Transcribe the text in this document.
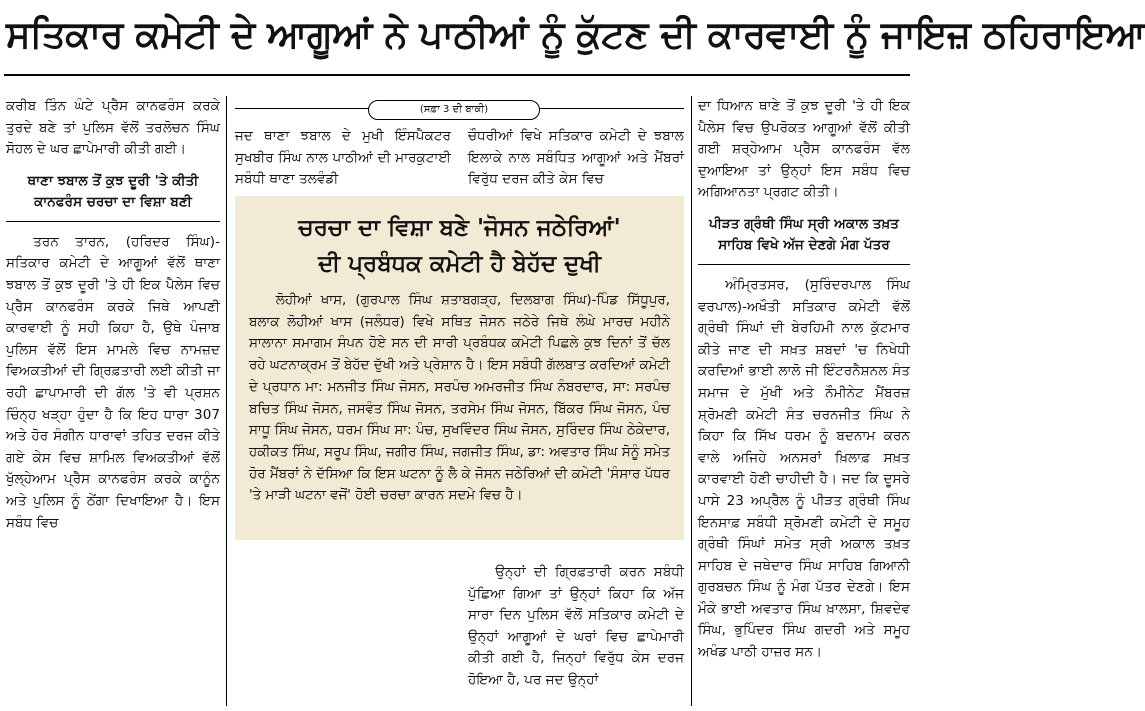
ਸਤਿਕਾਰ ਕਮੇਟੀ ਦੇ ਆਗੂਆਂ ਨੇ ਪਾਠੀਆਂ ਨੂੰ ਕੁੱਟਣ ਦੀ ਕਾਰਵਾਈ ਨੂੰ ਜਾਇਜ਼ ਠਹਿਰਾਇਆ

ਕਰੀਬ ਤਿੰਨ ਘੰਟੇ ਪ੍ਰੈਸ ਕਾਨਫਰੰਸ ਕਰਕੇ ਤੁਰਦੇ ਬਣੇ ਤਾਂ ਪੁਲਿਸ ਵੱਲੋਂ ਤਰਲੋਚਨ ਸਿੰਘ ਸੋਹਲ ਦੇ ਘਰ ਛਾਪੇਮਾਰੀ ਕੀਤੀ ਗਈ।

ਥਾਣਾ ਝਬਾਲ ਤੋਂ ਕੁਝ ਦੂਰੀ 'ਤੇ ਕੀਤੀ ਕਾਨਫਰੰਸ ਚਰਚਾ ਦਾ ਵਿਸ਼ਾ ਬਣੀ

ਤਰਨ ਤਾਰਨ, (ਹਰਿਦਰ ਸਿੰਘ)- ਸਤਿਕਾਰ ਕਮੇਟੀ ਦੇ ਆਗੂਆਂ ਵੱਲੋਂ ਥਾਣਾ ਝਬਾਲ ਤੋਂ ਕੁਝ ਦੂਰੀ 'ਤੇ ਹੀ ਇਕ ਪੈਲੇਸ ਵਿਚ ਪ੍ਰੈਸ ਕਾਨਫਰੰਸ ਕਰਕੇ ਜਿਥੇ ਆਪਣੀ ਕਾਰਵਾਈ ਨੂੰ ਸਹੀ ਕਿਹਾ ਹੈ, ਉਥੇ ਪੰਜਾਬ ਪੁਲਿਸ ਵੱਲੋਂ ਇਸ ਮਾਮਲੇ ਵਿਚ ਨਾਮਜ਼ਦ ਵਿਅਕਤੀਆਂ ਦੀ ਗ੍ਰਿਫ਼ਤਾਰੀ ਲਈ ਕੀਤੀ ਜਾ ਰਹੀ ਛਾਪਾਮਾਰੀ ਦੀ ਗੱਲ 'ਤੇ ਵੀ ਪ੍ਰਸ਼ਨ ਚਿੰਨ੍ਹ ਖੜ੍ਹਾ ਹੁੰਦਾ ਹੈ ਕਿ ਇਹ ਧਾਰਾ 307 ਅਤੇ ਹੋਰ ਸੰਗੀਨ ਧਾਰਾਵਾਂ ਤਹਿਤ ਦਰਜ ਕੀਤੇ ਗਏ ਕੇਸ ਵਿਚ ਸ਼ਾਮਿਲ ਵਿਅਕਤੀਆਂ ਵੱਲੋਂ ਖੁੱਲ੍ਹੇਆਮ ਪ੍ਰੈਸ ਕਾਨਫਰੰਸ ਕਰਕੇ ਕਾਨੂੰਨ ਅਤੇ ਪੁਲਿਸ ਨੂੰ ਠੇਂਗਾ ਦਿਖਾਇਆ ਹੈ। ਇਸ ਸਬੰਧ ਵਿਚ

(ਸਫ਼ਾ 3 ਦੀ ਬਾਕੀ)

ਜਦ ਥਾਣਾ ਝਬਾਲ ਦੇ ਮੁਖੀ ਇੰਸਪੈਕਟਰ ਸੁਖਬੀਰ ਸਿੰਘ ਨਾਲ ਪਾਠੀਆਂ ਦੀ ਮਾਰਕੁਟਾਈ ਸਬੰਧੀ ਥਾਣਾ ਤਲਵੰਡੀ

ਚੌਧਰੀਆਂ ਵਿਖੇ ਸਤਿਕਾਰ ਕਮੇਟੀ ਦੇ ਝਬਾਲ ਇਲਾਕੇ ਨਾਲ ਸਬੰਧਿਤ ਆਗੂਆਂ ਅਤੇ ਮੈਂਬਰਾਂ ਵਿਰੁੱਧ ਦਰਜ ਕੀਤੇ ਕੇਸ ਵਿਚ

ਚਰਚਾ ਦਾ ਵਿਸ਼ਾ ਬਣੇ 'ਜੋਸਨ ਜਠੇਰਿਆਂ'
ਦੀ ਪ੍ਰਬੰਧਕ ਕਮੇਟੀ ਹੈ ਬੇਹੱਦ ਦੁਖੀ
ਲੋਹੀਆਂ ਖਾਸ, (ਗੁਰਪਾਲ ਸਿੰਘ ਸ਼ਤਾਬਗੜ੍ਹ, ਦਿਲਬਾਗ ਸਿੰਘ)-ਪਿੰਡ ਸਿੱਧੂਪੁਰ, ਬਲਾਕ ਲੋਹੀਆਂ ਖਾਸ (ਜਲੰਧਰ) ਵਿਖੇ ਸਥਿਤ ਜੋਸਨ ਜਠੇਰੇ ਜਿਥੇ ਲੰਘੇ ਮਾਰਚ ਮਹੀਨੇ ਸਾਲਾਨਾ ਸਮਾਗਮ ਸੰਪਨ ਹੋਏ ਸਨ ਦੀ ਸਾਰੀ ਪ੍ਰਬੰਧਕ ਕਮੇਟੀ ਪਿਛਲੇ ਕੁਝ ਦਿਨਾਂ ਤੋਂ ਚੱਲ ਰਹੇ ਘਟਨਾਕ੍ਰਮ ਤੋਂ ਬੇਹੱਦ ਦੁੱਖੀ ਅਤੇ ਪ੍ਰੇਸ਼ਾਨ ਹੈ। ਇਸ ਸਬੰਧੀ ਗੱਲਬਾਤ ਕਰਦਿਆਂ ਕਮੇਟੀ ਦੇ ਪ੍ਰਧਾਨ ਮਾ: ਮਨਜੀਤ ਸਿੰਘ ਜੋਸਨ, ਸਰਪੰਚ ਅਮਰਜੀਤ ਸਿੰਘ ਨੰਬਰਦਾਰ, ਸਾ: ਸਰਪੰਚ ਬਚਿਤ ਸਿੰਘ ਜੋਸਨ, ਜਸਵੰਤ ਸਿੰਘ ਜੋਸਨ, ਤਰਸੇਮ ਸਿੰਘ ਜੋਸਨ, ਬਿੱਕਰ ਸਿੰਘ ਜੋਸਨ, ਪੰਚ ਸਾਧੂ ਸਿੰਘ ਜੋਸਨ, ਧਰਮ ਸਿੰਘ ਸਾ: ਪੰਚ, ਸੁਖਵਿੰਦਰ ਸਿੰਘ ਜੋਸਨ, ਸੁਰਿੰਦਰ ਸਿੰਘ ਠੇਕੇਦਾਰ, ਹਕੀਕਤ ਸਿੰਘ, ਸਰੂਪ ਸਿੰਘ, ਜਗੀਰ ਸਿੰਘ, ਜਗਜੀਤ ਸਿੰਘ, ਡਾ: ਅਵਤਾਰ ਸਿੰਘ ਸੋਨੂੰ ਸਮੇਤ ਹੋਰ ਮੈਂਬਰਾਂ ਨੇ ਦੱਸਿਆ ਕਿ ਇਸ ਘਟਨਾ ਨੂੰ ਲੈ ਕੇ ਜੋਸਨ ਜਠੇਰਿਆਂ ਦੀ ਕਮੇਟੀ 'ਸੰਸਾਰ ਪੱਧਰ 'ਤੇ ਮਾੜੀ ਘਟਨਾ ਵਜੋਂ' ਹੋਈ ਚਰਚਾ ਕਾਰਨ ਸਦਮੇ ਵਿਚ ਹੈ।

ਉਨ੍ਹਾਂ ਦੀ ਗ੍ਰਿਫ਼ਤਾਰੀ ਕਰਨ ਸਬੰਧੀ ਪੁੱਛਿਆ ਗਿਆ ਤਾਂ ਉਨ੍ਹਾਂ ਕਿਹਾ ਕਿ ਅੱਜ ਸਾਰਾ ਦਿਨ ਪੁਲਿਸ ਵੱਲੋਂ ਸਤਿਕਾਰ ਕਮੇਟੀ ਦੇ ਉਨ੍ਹਾਂ ਆਗੂਆਂ ਦੇ ਘਰਾਂ ਵਿਚ ਛਾਪੇਮਾਰੀ ਕੀਤੀ ਗਈ ਹੈ, ਜਿਨ੍ਹਾਂ ਵਿਰੁੱਧ ਕੇਸ ਦਰਜ ਹੋਇਆ ਹੈ, ਪਰ ਜਦ ਉਨ੍ਹਾਂ

ਦਾ ਧਿਆਨ ਥਾਣੇ ਤੋਂ ਕੁਝ ਦੂਰੀ 'ਤੇ ਹੀ ਇਕ ਪੈਲੇਸ ਵਿਚ ਉਪਰੋਕਤ ਆਗੂਆਂ ਵੱਲੋਂ ਕੀਤੀ ਗਈ ਸ਼ਰ੍ਹੇਆਮ ਪ੍ਰੈਸ ਕਾਨਫਰੰਸ ਵੱਲ ਦੁਆਇਆ ਤਾਂ ਉਨ੍ਹਾਂ ਇਸ ਸਬੰਧ ਵਿਚ ਅਗਿਆਨਤਾ ਪ੍ਰਗਟ ਕੀਤੀ।

ਪੀੜਤ ਗ੍ਰੰਥੀ ਸਿੰਘ ਸ੍ਰੀ ਅਕਾਲ ਤਖ਼ਤ ਸਾਹਿਬ ਵਿਖੇ ਅੱਜ ਦੇਣਗੇ ਮੰਗ ਪੱਤਰ

ਅੰਮ੍ਰਿਤਸਰ, (ਸੁਰਿੰਦਰਪਾਲ ਸਿੰਘ ਵਰਪਾਲ)-ਅਖੌਤੀ ਸਤਿਕਾਰ ਕਮੇਟੀ ਵੱਲੋਂ ਗ੍ਰੰਥੀ ਸਿੰਘਾਂ ਦੀ ਬੇਰਹਿਮੀ ਨਾਲ ਕੁੱਟਮਾਰ ਕੀਤੇ ਜਾਣ ਦੀ ਸਖ਼ਤ ਸ਼ਬਦਾਂ 'ਚ ਨਿਖੇਧੀ ਕਰਦਿਆਂ ਭਾਈ ਲਾਲੋ ਜੀ ਇੰਟਰਨੈਸ਼ਨਲ ਸੰਤ ਸਮਾਜ ਦੇ ਮੁੱਖੀ ਅਤੇ ਨੌਮੀਨੇਟ ਮੈਂਬਰਜ਼ ਸ਼੍ਰੋਮਣੀ ਕਮੇਟੀ ਸੰਤ ਚਰਨਜੀਤ ਸਿੰਘ ਨੇ ਕਿਹਾ ਕਿ ਸਿੱਖ ਧਰਮ ਨੂੰ ਬਦਨਾਮ ਕਰਨ ਵਾਲੇ ਅਜਿਹੇ ਅਨਸਰਾਂ ਖ਼ਿਲਾਫ਼ ਸਖ਼ਤ ਕਾਰਵਾਈ ਹੋਣੀ ਚਾਹੀਦੀ ਹੈ। ਜਦ ਕਿ ਦੂਸਰੇ ਪਾਸੇ 23 ਅਪ੍ਰੈਲ ਨੂੰ ਪੀੜਤ ਗ੍ਰੰਥੀ ਸਿੰਘ ਇਨਸਾਫ਼ ਸਬੰਧੀ ਸ਼੍ਰੋਮਣੀ ਕਮੇਟੀ ਦੇ ਸਮੂਹ ਗ੍ਰੰਥੀ ਸਿੰਘਾਂ ਸਮੇਤ ਸ੍ਰੀ ਅਕਾਲ ਤਖ਼ਤ ਸਾਹਿਬ ਦੇ ਜਥੇਦਾਰ ਸਿੰਘ ਸਾਹਿਬ ਗਿਆਨੀ ਗੁਰਬਚਨ ਸਿੰਘ ਨੂੰ ਮੰਗ ਪੱਤਰ ਦੇਣਗੇ। ਇਸ ਮੌਕੇ ਭਾਈ ਅਵਤਾਰ ਸਿੰਘ ਖ਼ਾਲਸਾ, ਸ਼ਿਵਦੇਵ ਸਿੰਘ, ਭੁਪਿੰਦਰ ਸਿੰਘ ਗਦਰੀ ਅਤੇ ਸਮੂਹ ਅਖੰਡ ਪਾਠੀ ਹਾਜ਼ਰ ਸਨ।
